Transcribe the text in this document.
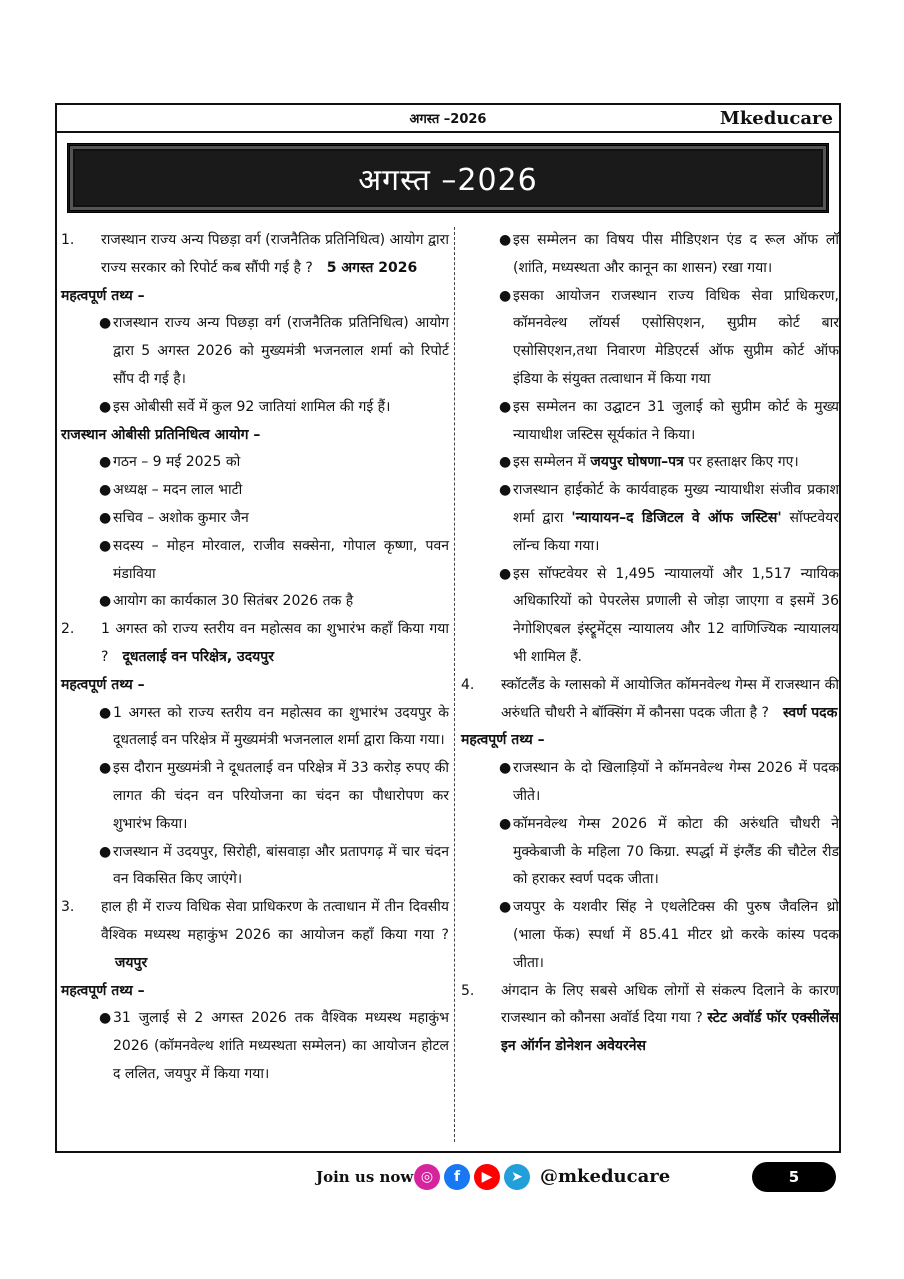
अगस्त –2026	Mkeducare
अगस्त –2026
1.	राजस्थान राज्य अन्य पिछड़ा वर्ग (राजनैतिक प्रतिनिधित्व) आयोग द्वारा राज्य सरकार को रिपोर्ट कब सौंपी गई है ? 5 अगस्त 2026
महत्वपूर्ण तथ्य –
● राजस्थान राज्य अन्य पिछड़ा वर्ग (राजनैतिक प्रतिनिधित्व) आयोग द्वारा 5 अगस्त 2026 को मुख्यमंत्री भजनलाल शर्मा को रिपोर्ट सौंप दी गई है।
● इस ओबीसी सर्वे में कुल 92 जातियां शामिल की गई हैं।
राजस्थान ओबीसी प्रतिनिधित्व आयोग –
● गठन – 9 मई 2025 को
● अध्यक्ष – मदन लाल भाटी
● सचिव – अशोक कुमार जैन
● सदस्य – मोहन मोरवाल, राजीव सक्सेना, गोपाल कृष्णा, पवन मंडाविया
● आयोग का कार्यकाल 30 सितंबर 2026 तक है
2.	1 अगस्त को राज्य स्तरीय वन महोत्सव का शुभारंभ कहाँ किया गया ? दूधतलाई वन परिक्षेत्र, उदयपुर
महत्वपूर्ण तथ्य –
● 1 अगस्त को राज्य स्तरीय वन महोत्सव का शुभारंभ उदयपुर के दूधतलाई वन परिक्षेत्र में मुख्यमंत्री भजनलाल शर्मा द्वारा किया गया।
● इस दौरान मुख्यमंत्री ने दूधतलाई वन परिक्षेत्र में 33 करोड़ रुपए की लागत की चंदन वन परियोजना का चंदन का पौधारोपण कर शुभारंभ किया।
● राजस्थान में उदयपुर, सिरोही, बांसवाड़ा और प्रतापगढ़ में चार चंदन वन विकसित किए जाएंगे।
3.	हाल ही में राज्य विधिक सेवा प्राधिकरण के तत्वाधान में तीन दिवसीय वैश्विक मध्यस्थ महाकुंभ 2026 का आयोजन कहाँ किया गया ?जयपुर
महत्वपूर्ण तथ्य –
● 31 जुलाई से 2 अगस्त 2026 तक वैश्विक मध्यस्थ महाकुंभ 2026 (कॉमनवेल्थ शांति मध्यस्थता सम्मेलन) का आयोजन होटल द ललित, जयपुर में किया गया।
● इस सम्मेलन का विषय पीस मीडिएशन एंड द रूल ऑफ लॉ (शांति, मध्यस्थता और कानून का शासन) रखा गया।
● इसका आयोजन राजस्थान राज्य विधिक सेवा प्राधिकरण, कॉमनवेल्थ लॉयर्स एसोसिएशन, सुप्रीम कोर्ट बार एसोसिएशन,तथा निवारण मेडिएटर्स ऑफ सुप्रीम कोर्ट ऑफ इंडिया के संयुक्त तत्वाधान में किया गया
● इस सम्मेलन का उद्घाटन 31 जुलाई को सुप्रीम कोर्ट के मुख्य न्यायाधीश जस्टिस सूर्यकांत ने किया।
● इस सम्मेलन में जयपुर घोषणा–पत्र पर हस्ताक्षर किए गए।
● राजस्थान हाईकोर्ट के कार्यवाहक मुख्य न्यायाधीश संजीव प्रकाश शर्मा द्वारा 'न्यायायन–द डिजिटल वे ऑफ जस्टिस' सॉफ्टवेयर लॉन्च किया गया।
● इस सॉफ्टवेयर से 1,495 न्यायालयों और 1,517 न्यायिक अधिकारियों को पेपरलेस प्रणाली से जोड़ा जाएगा व इसमें 36 नेगोशिएबल इंस्ट्रूमेंट्स न्यायालय और 12 वाणिज्यिक न्यायालय भी शामिल हैं.
4.	स्कॉटलैंड के ग्लासको में आयोजित कॉमनवेल्थ गेम्स में राजस्थान की अरुंधति चौधरी ने बॉक्सिंग में कौनसा पदक जीता है ? स्वर्ण पदक
महत्वपूर्ण तथ्य –
● राजस्थान के दो खिलाड़ियों ने कॉमनवेल्थ गेम्स 2026 में पदक जीते।
● कॉमनवेल्थ गेम्स 2026 में कोटा की अरुंधति चौधरी ने मुक्केबाजी के महिला 70 किग्रा. स्पर्द्धा में इंग्लैंड की चौटेल रीड को हराकर स्वर्ण पदक जीता।
● जयपुर के यशवीर सिंह ने एथलेटिक्स की पुरुष जैवलिन थ्रो (भाला फेंक) स्पर्धा में 85.41 मीटर थ्रो करके कांस्य पदक जीता।
5.	अंगदान के लिए सबसे अधिक लोगों से संकल्प दिलाने के कारण राजस्थान को कौनसा अवॉर्ड दिया गया ? स्टेट अवॉर्ड फॉर एक्सीलेंस इन ऑर्गन डोनेशन अवेयरनेस
Join us now ◎	f	▶	➤ @mkeducare	5
